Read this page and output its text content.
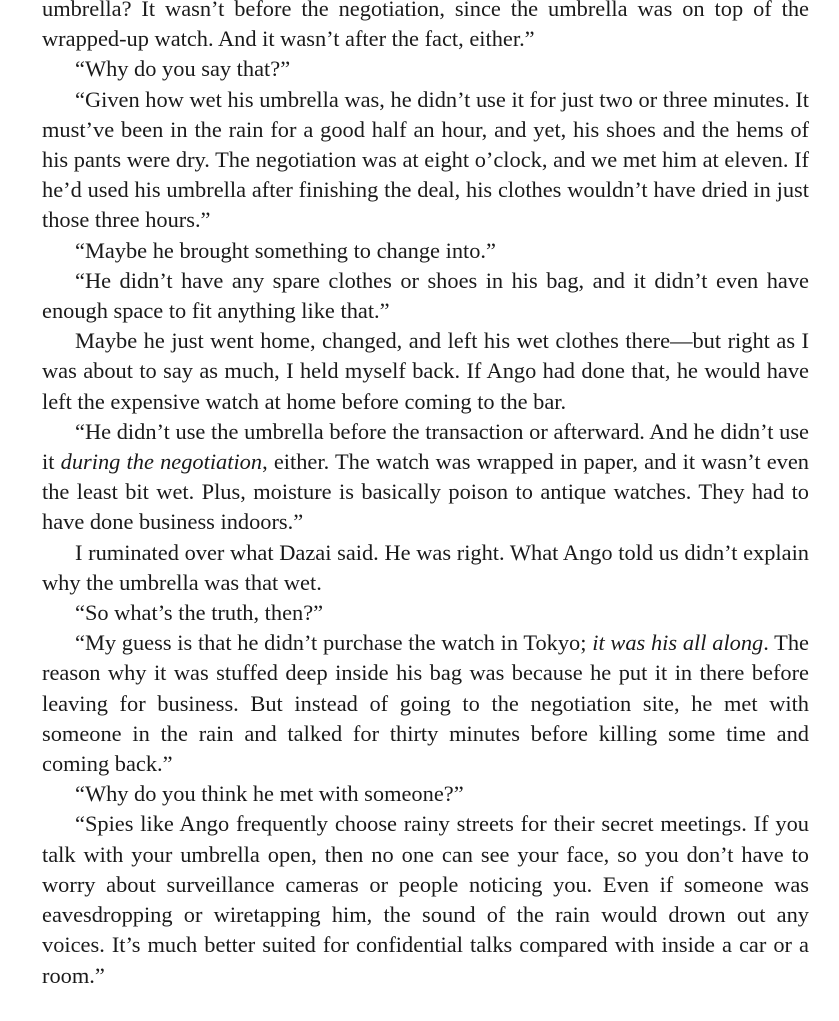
umbrella? It wasn’t before the negotiation, since the umbrella was on top of the wrapped-up watch. And it wasn’t after the fact, either.”

“Why do you say that?”

“Given how wet his umbrella was, he didn’t use it for just two or three minutes. It must’ve been in the rain for a good half an hour, and yet, his shoes and the hems of his pants were dry. The negotiation was at eight o’clock, and we met him at eleven. If he’d used his umbrella after finishing the deal, his clothes wouldn’t have dried in just those three hours.”

“Maybe he brought something to change into.”

“He didn’t have any spare clothes or shoes in his bag, and it didn’t even have enough space to fit anything like that.”

Maybe he just went home, changed, and left his wet clothes there—but right as I was about to say as much, I held myself back. If Ango had done that, he would have left the expensive watch at home before coming to the bar.

“He didn’t use the umbrella before the transaction or afterward. And he didn’t use it during the negotiation, either. The watch was wrapped in paper, and it wasn’t even the least bit wet. Plus, moisture is basically poison to antique watches. They had to have done business indoors.”

I ruminated over what Dazai said. He was right. What Ango told us didn’t explain why the umbrella was that wet.

“So what’s the truth, then?”

“My guess is that he didn’t purchase the watch in Tokyo; it was his all along. The reason why it was stuffed deep inside his bag was because he put it in there before leaving for business. But instead of going to the negotiation site, he met with someone in the rain and talked for thirty minutes before killing some time and coming back.”

“Why do you think he met with someone?”

“Spies like Ango frequently choose rainy streets for their secret meetings. If you talk with your umbrella open, then no one can see your face, so you don’t have to worry about surveillance cameras or people noticing you. Even if someone was eavesdropping or wiretapping him, the sound of the rain would drown out any voices. It’s much better suited for confidential talks compared with inside a car or a room.”
